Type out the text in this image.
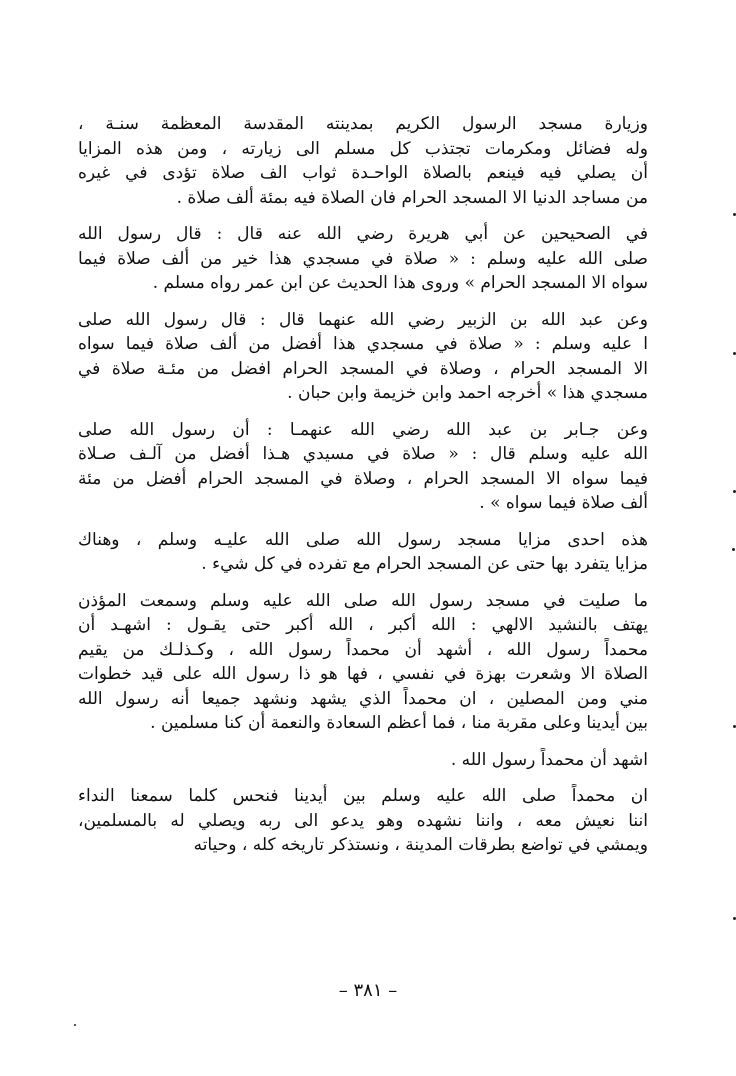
وزيارة مسجد الرسول الكريم بمدينته المقدسة المعظمة سنـة ،
وله فضائل ومكرمات تجتذب كل مسلم الى زيارته ، ومن هذه المزايا
أن يصلي فيه فينعم بالصلاة الواحـدة ثواب الف صلاة تؤدى في غيره
من مساجد الدنيا الا المسجد الحرام فان الصلاة فيه بمئة ألف صلاة .
في الصحيحين عن أبي هريرة رضي الله عنه قال : قال رسول الله
صلى الله عليه وسلم : « صلاة في مسجدي هذا خير من ألف صلاة فيما
سواه الا المسجد الحرام » وروى هذا الحديث عن ابن عمر رواه مسلم .
وعن عبد الله بن الزبير رضي الله عنهما قال : قال رسول الله صلى
ا عليه وسلم : « صلاة في مسجدي هذا أفضل من ألف صلاة فيما سواه
الا المسجد الحرام ، وصلاة في المسجد الحرام افضل من مئـة صلاة في
مسجدي هذا » أخرجه احمد وابن خزيمة وابن حبان .
وعن جـابر بن عبد الله رضي الله عنهمـا : أن رسول الله صلى
الله عليه وسلم قال : « صلاة في مسيدي هـذا أفضل من آلـف صـلاة
فيما سواه الا المسجد الحرام ، وصلاة في المسجد الحرام أفضل من مئة
ألف صلاة فيما سواه » .
هذه احدى مزايا مسجد رسول الله صلى الله عليـه وسلم ، وهناك
مزايا يتفرد بها حتى عن المسجد الحرام مع تفرده في كل شيء .
ما صليت في مسجد رسول الله صلى الله عليه وسلم وسمعت المؤذن
يهتف بالنشيد الالهي : الله أكبر ، الله أكبر حتى يقـول : اشهـد أن
محمداً رسول الله ، أشهد أن محمداً رسول الله ، وكـذلـك من يقيم
الصلاة الا وشعرت بهزة في نفسي ، فها هو ذا رسول الله على قيد خطوات
مني ومن المصلين ، ان محمداً الذي يشهد ونشهد جميعا أنه رسول الله
بين أيدينا وعلى مقربة منا ، فما أعظم السعادة والنعمة أن كنا مسلمين .
اشهد أن محمداً رسول الله .
ان محمداً صلى الله عليه وسلم بين أيدينا فنحس كلما سمعنا النداء
اننا نعيش معه ، واننا نشهده وهو يدعو الى ربه ويصلي له بالمسلمين،
ويمشي في تواضع بطرقات المدينة ، ونستذكر تاريخه كله ، وحياته
– ٣٨١ –
